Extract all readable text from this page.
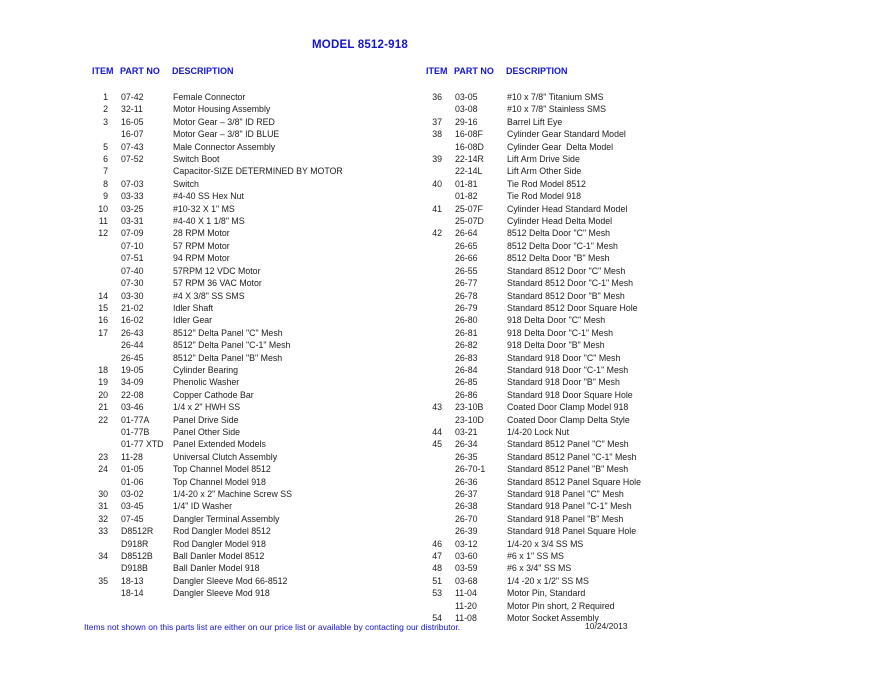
MODEL 8512-918
ITEM PART NO	DESCRIPTION	ITEM PART NO	DESCRIPTION
1 07-42	Female Connector
2 32-11	Motor Housing Assembly
3 16-05	Motor Gear – 3/8" ID RED
16-07	Motor Gear – 3/8" ID BLUE
5 07-43	Male Connector Assembly
6 07-52	Switch Boot
7	Capacitor-SIZE DETERMINED BY MOTOR
8 07-03	Switch
9 03-33	#4-40 SS Hex Nut
10 03-25	#10-32 X 1" MS
11 03-31	#4-40 X 1 1/8" MS
12 07-09	28 RPM Motor
07-10	57 RPM Motor
07-51	94 RPM Motor
07-40	57RPM 12 VDC Motor
07-30	57 RPM 36 VAC Motor
14 03-30	#4 X 3/8" SS SMS
15 21-02	Idler Shaft
16 16-02	Idler Gear
17 26-43	8512" Delta Panel "C" Mesh
26-44	8512" Delta Panel "C-1" Mesh
26-45	8512" Delta Panel "B" Mesh
18 19-05	Cylinder Bearing
19 34-09	Phenolic Washer
20 22-08	Copper Cathode Bar
21 03-46	1/4 x 2" HWH SS
22 01-77A	Panel Drive Side
01-77B	Panel Other Side
01-77 XTD	Panel Extended Models
23 11-28	Universal Clutch Assembly
24 01-05	Top Channel Model 8512
01-06	Top Channel Model 918
30 03-02	1/4-20 x 2" Machine Screw SS
31 03-45	1/4" ID Washer
32 07-45	Dangler Terminal Assembly
33 D8512R	Rod Dangler Model 8512
D918R	Rod Dangler Model 918
34 D8512B	Ball Danler Model 8512
D918B	Ball Danler Model 918
35 18-13	Dangler Sleeve Mod 66-8512
18-14	Dangler Sleeve Mod 918
36 03-05	#10 x 7/8" Titanium SMS
03-08	#10 x 7/8" Stainless SMS
37 29-16	Barrel Lift Eye
38 16-08F	Cylinder Gear Standard Model
16-08D	Cylinder Gear  Delta Model
39 22-14R	Lift Arm Drive Side
22-14L	Lift Arm Other Side
40 01-81	Tie Rod Model 8512
01-82	Tie Rod Model 918
41 25-07F	Cylinder Head Standard Model
25-07D	Cylinder Head Delta Model
42 26-64	8512 Delta Door "C" Mesh
26-65	8512 Delta Door "C-1" Mesh
26-66	8512 Delta Door "B" Mesh
26-55	Standard 8512 Door "C" Mesh
26-77	Standard 8512 Door "C-1" Mesh
26-78	Standard 8512 Door "B" Mesh
26-79	Standard 8512 Door Square Hole
26-80	918 Delta Door "C" Mesh
26-81	918 Delta Door "C-1" Mesh
26-82	918 Delta Door "B" Mesh
26-83	Standard 918 Door "C" Mesh
26-84	Standard 918 Door "C-1" Mesh
26-85	Standard 918 Door "B" Mesh
26-86	Standard 918 Door Square Hole
43 23-10B	Coated Door Clamp Model 918
23-10D	Coated Door Clamp Delta Style
44 03-21	1/4-20 Lock Nut
45 26-34	Standard 8512 Panel "C" Mesh
26-35	Standard 8512 Panel "C-1" Mesh
26-70-1	Standard 8512 Panel "B" Mesh
26-36	Standard 8512 Panel Square Hole
26-37	Standard 918 Panel "C" Mesh
26-38	Standard 918 Panel "C-1" Mesh
26-70	Standard 918 Panel "B" Mesh
26-39	Standard 918 Panel Square Hole
46 03-12	1/4-20 x 3/4 SS MS
47 03-60	#6 x 1" SS MS
48 03-59	#6 x 3/4" SS MS
51 03-68	1/4 -20 x 1/2" SS MS
53 11-04	Motor Pin, Standard
11-20	Motor Pin short, 2 Required
54 11-08	Motor Socket Assembly
Items not shown on this parts list are either on our price list or available by contacting our distributor.	10/24/2013
